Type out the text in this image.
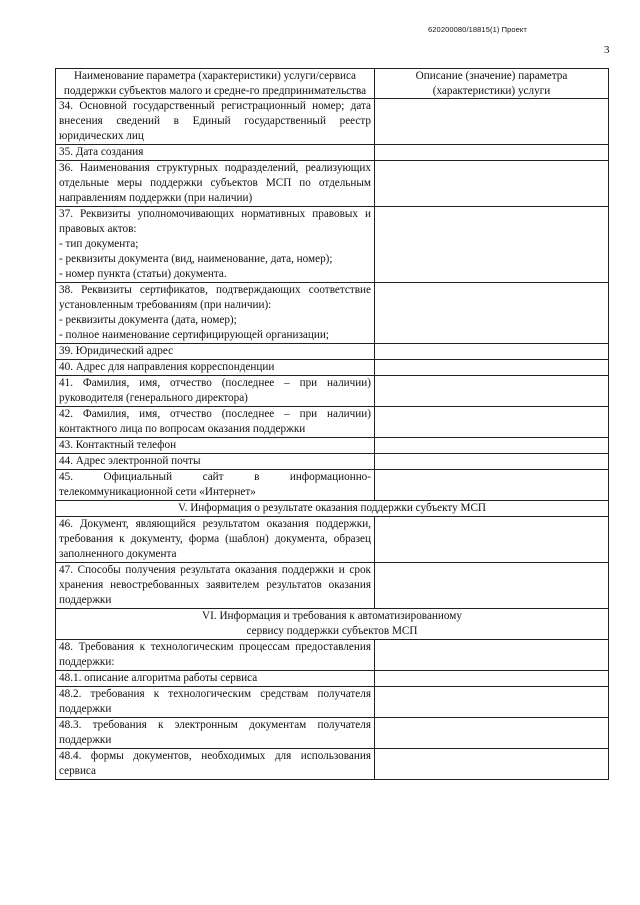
620200080/18815(1) Проект
3
Наименование параметра (характеристики) услуги/сервиса поддержки субъектов малого и средне-го предпринимательства	Описание (значение) параметра (характеристики) услуги
34. Основной государственный регистрационный номер; дата внесения сведений в Единый государственный реестр юридических лиц	
35. Дата создания	
36. Наименования структурных подразделений, реализующих отдельные меры поддержки субъектов МСП по отдельным направлениям поддержки (при наличии)	

37. Реквизиты уполномочивающих нормативных правовых и правовых актов:
- тип документа;
- реквизиты документа (вид, наименование, дата, номер);
- номер пункта (статьи) документа.	

38. Реквизиты сертификатов, подтверждающих соответствие установленным требованиям (при наличии):
- реквизиты документа (дата, номер);
- полное наименование сертифицирующей организации;	

39. Юридический адрес	
40. Адрес для направления корреспонденции	
41. Фамилия, имя, отчество (последнее – при наличии) руководителя (генерального директора)	
42. Фамилия, имя, отчество (последнее – при наличии) контактного лица по вопросам оказания поддержки	
43. Контактный телефон	
44. Адрес электронной почты	
45. Официальный сайт в информационно-телекоммуникационной сети «Интернет»	
V. Информация о результате оказания поддержки субъекту МСП	
46. Документ, являющийся результатом оказания поддержки, требования к документу, форма (шаблон) документа, образец заполненного документа	
47. Способы получения результата оказания поддержки и срок хранения невостребованных заявителем результатов оказания поддержки	

VI. Информация и требования к автоматизированиому
сервису поддержки субъектов МСП	

48. Требования к технологическим процессам предоставления поддержки:	
48.1. описание алгоритма работы сервиса	
48.2. требования к технологическим средствам получателя поддержки	
48.3. требования к электронным документам получателя поддержки	
48.4. формы документов, необходимых для использования сервиса	
